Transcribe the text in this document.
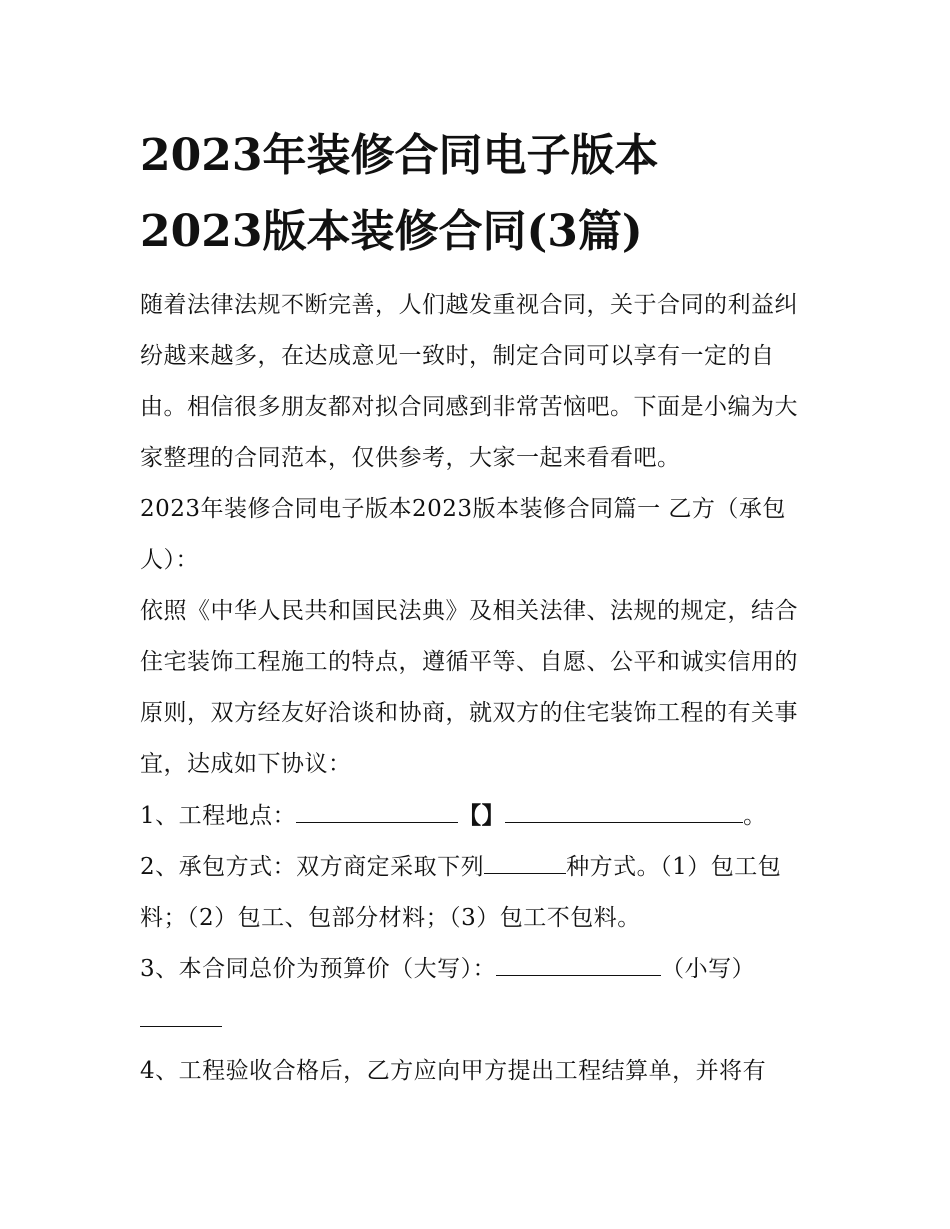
2023年装修合同电子版本
2023版本装修合同(3篇)

随着法律法规不断完善，人们越发重视合同，关于合同的利益纠纷越来越多，在达成意见一致时，制定合同可以享有一定的自由。相信很多朋友都对拟合同感到非常苦恼吧。下面是小编为大家整理的合同范本，仅供参考，大家一起来看看吧。

2023年装修合同电子版本2023版本装修合同篇一 乙方（承包人）：

依照《中华人民共和国民法典》及相关法律、法规的规定，结合住宅装饰工程施工的特点，遵循平等、自愿、公平和诚实信用的原则，双方经友好洽谈和协商，就双方的住宅装饰工程的有关事宜，达成如下协议：

1、工程地点：	【】	。

2、承包方式：双方商定采取下列	种方式。（1）包工包料；（2）包工、包部分材料；（3）包工不包料。

3、本合同总价为预算价（大写）：	（小写）

4、工程验收合格后，乙方应向甲方提出工程结算单，并将有
